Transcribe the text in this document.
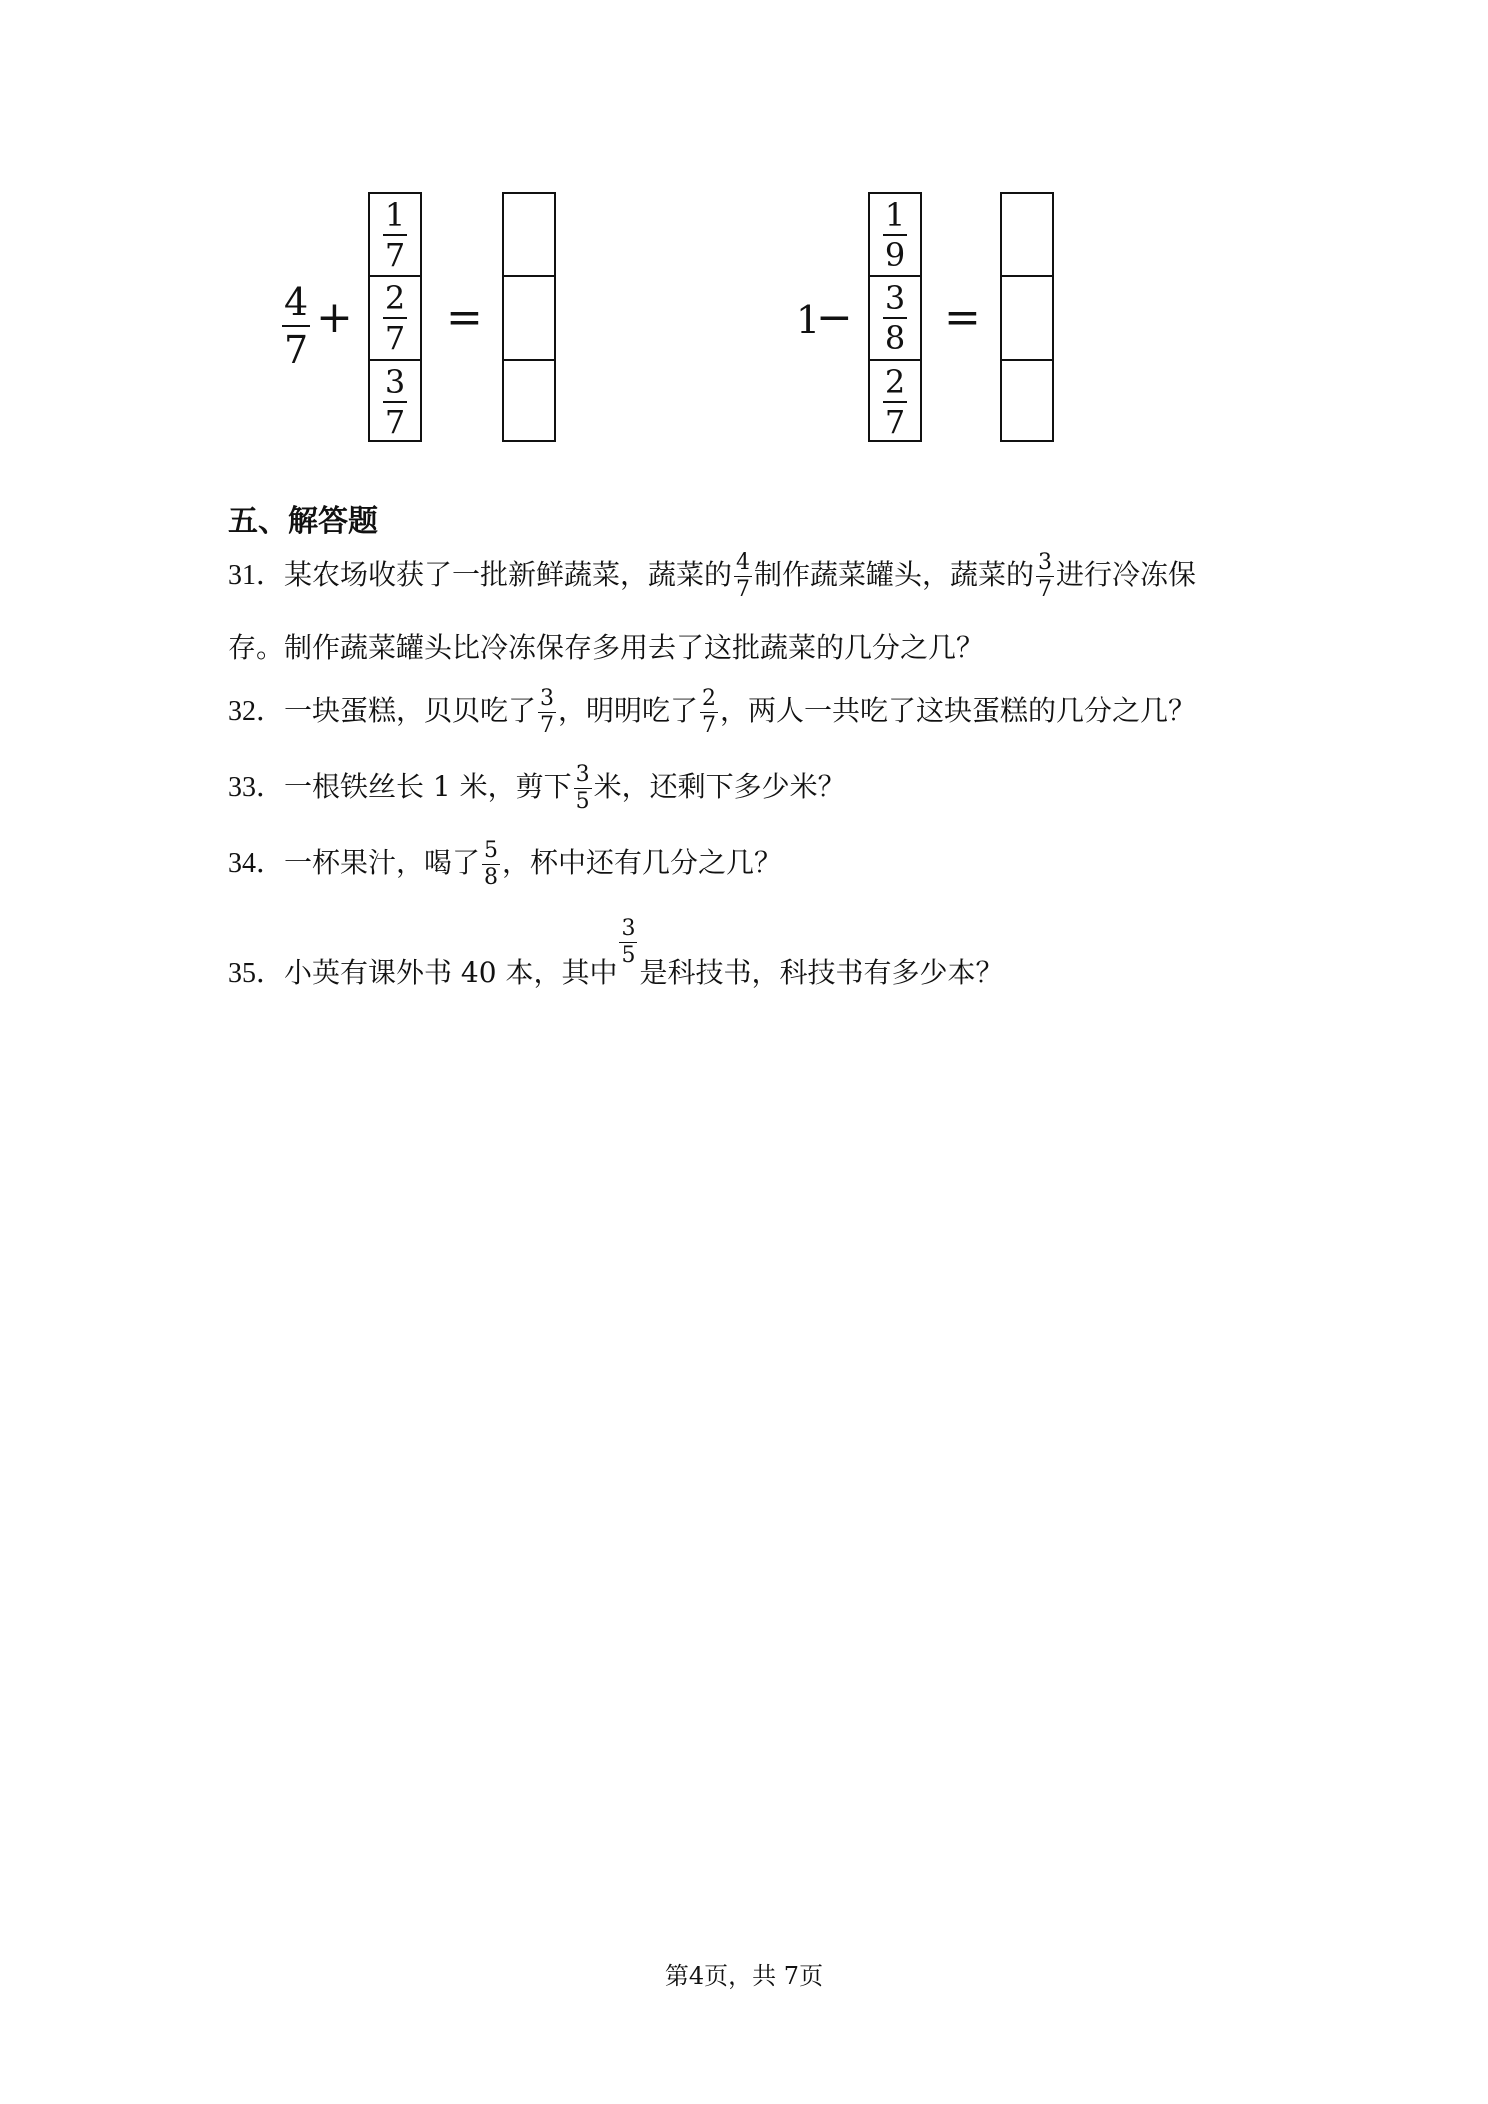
$\frac{4}{7}$ +
$\frac{1}{7}$
$\frac{2}{7}$
$\frac{3}{7}$
=	1
−
$\frac{1}{9}$
$\frac{3}{8}$
$\frac{2}{7}$
=
五、解答题
31．某农场收获了一批新鲜蔬菜，蔬菜的 $\frac{4}{7}$ 制作蔬菜罐头，蔬菜的 $\frac{3}{7}$ 进行冷冻保
存。制作蔬菜罐头比冷冻保存多用去了这批蔬菜的几分之几？
32．一块蛋糕，贝贝吃了 $\frac{3}{7}$ ，明明吃了 $\frac{2}{7}$ ，两人一共吃了这块蛋糕的几分之几？
33．一根铁丝长 1 米，剪下 $\frac{3}{5}$ 米，还剩下多少米？
34．一杯果汁，喝了 $\frac{5}{8}$ ，杯中还有几分之几？
35．小英有课外书 40 本，其中
$\frac{3}{5}$
是科技书，科技书有多少本？
第4页，共 7页
